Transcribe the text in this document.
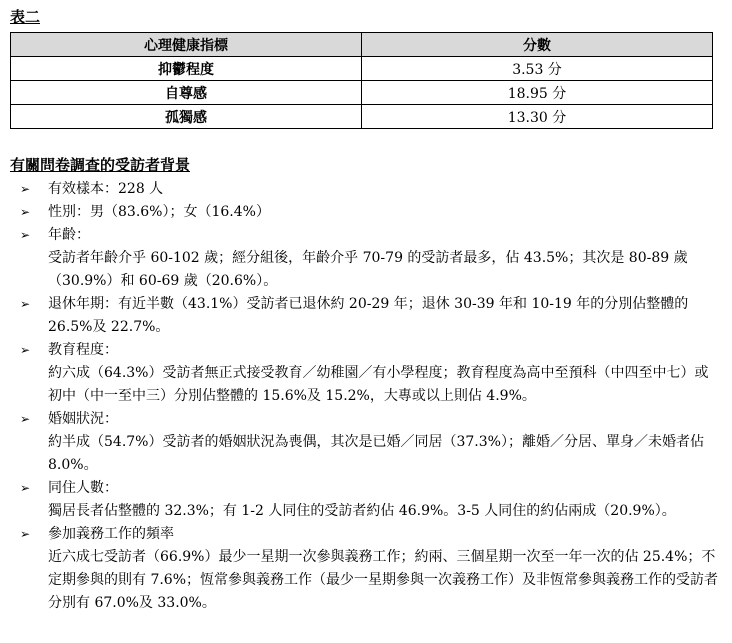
表二
心理健康指標	分數
抑鬱程度	3.53 分
自尊感	18.95 分
孤獨感	13.30 分
有關問卷調查的受訪者背景
➢ 有效樣本：228 人
➢ 性別：男（83.6%）；女（16.4%）
➢ 年齡：
受訪者年齡介乎 60-102 歲；經分組後，年齡介乎 70-79 的受訪者最多，佔 43.5%；其次是 80-89 歲（30.9%）和 60-69 歲（20.6%）。
➢ 退休年期：有近半數（43.1%）受訪者已退休約 20-29 年；退休 30-39 年和 10-19 年的分別佔整體的 26.5%及 22.7%。
➢ 教育程度：
約六成（64.3%）受訪者無正式接受教育／幼稚園／有小學程度；教育程度為高中至預科（中四至中七）或初中（中一至中三）分別佔整體的 15.6%及 15.2%，大專或以上則佔 4.9%。
➢ 婚姻狀況：
約半成（54.7%）受訪者的婚姻狀況為喪偶，其次是已婚／同居（37.3%）；離婚／分居、單身／未婚者佔 8.0%。
➢ 同住人數：
獨居長者佔整體的 32.3%；有 1-2 人同住的受訪者約佔 46.9%。3-5 人同住的約佔兩成（20.9%）。
➢ 參加義務工作的頻率
近六成七受訪者（66.9%）最少一星期一次參與義務工作；約兩、三個星期一次至一年一次的佔 25.4%；不定期參與的則有 7.6%；恆常參與義務工作（最少一星期參與一次義務工作）及非恆常參與義務工作的受訪者分別有 67.0%及 33.0%。
